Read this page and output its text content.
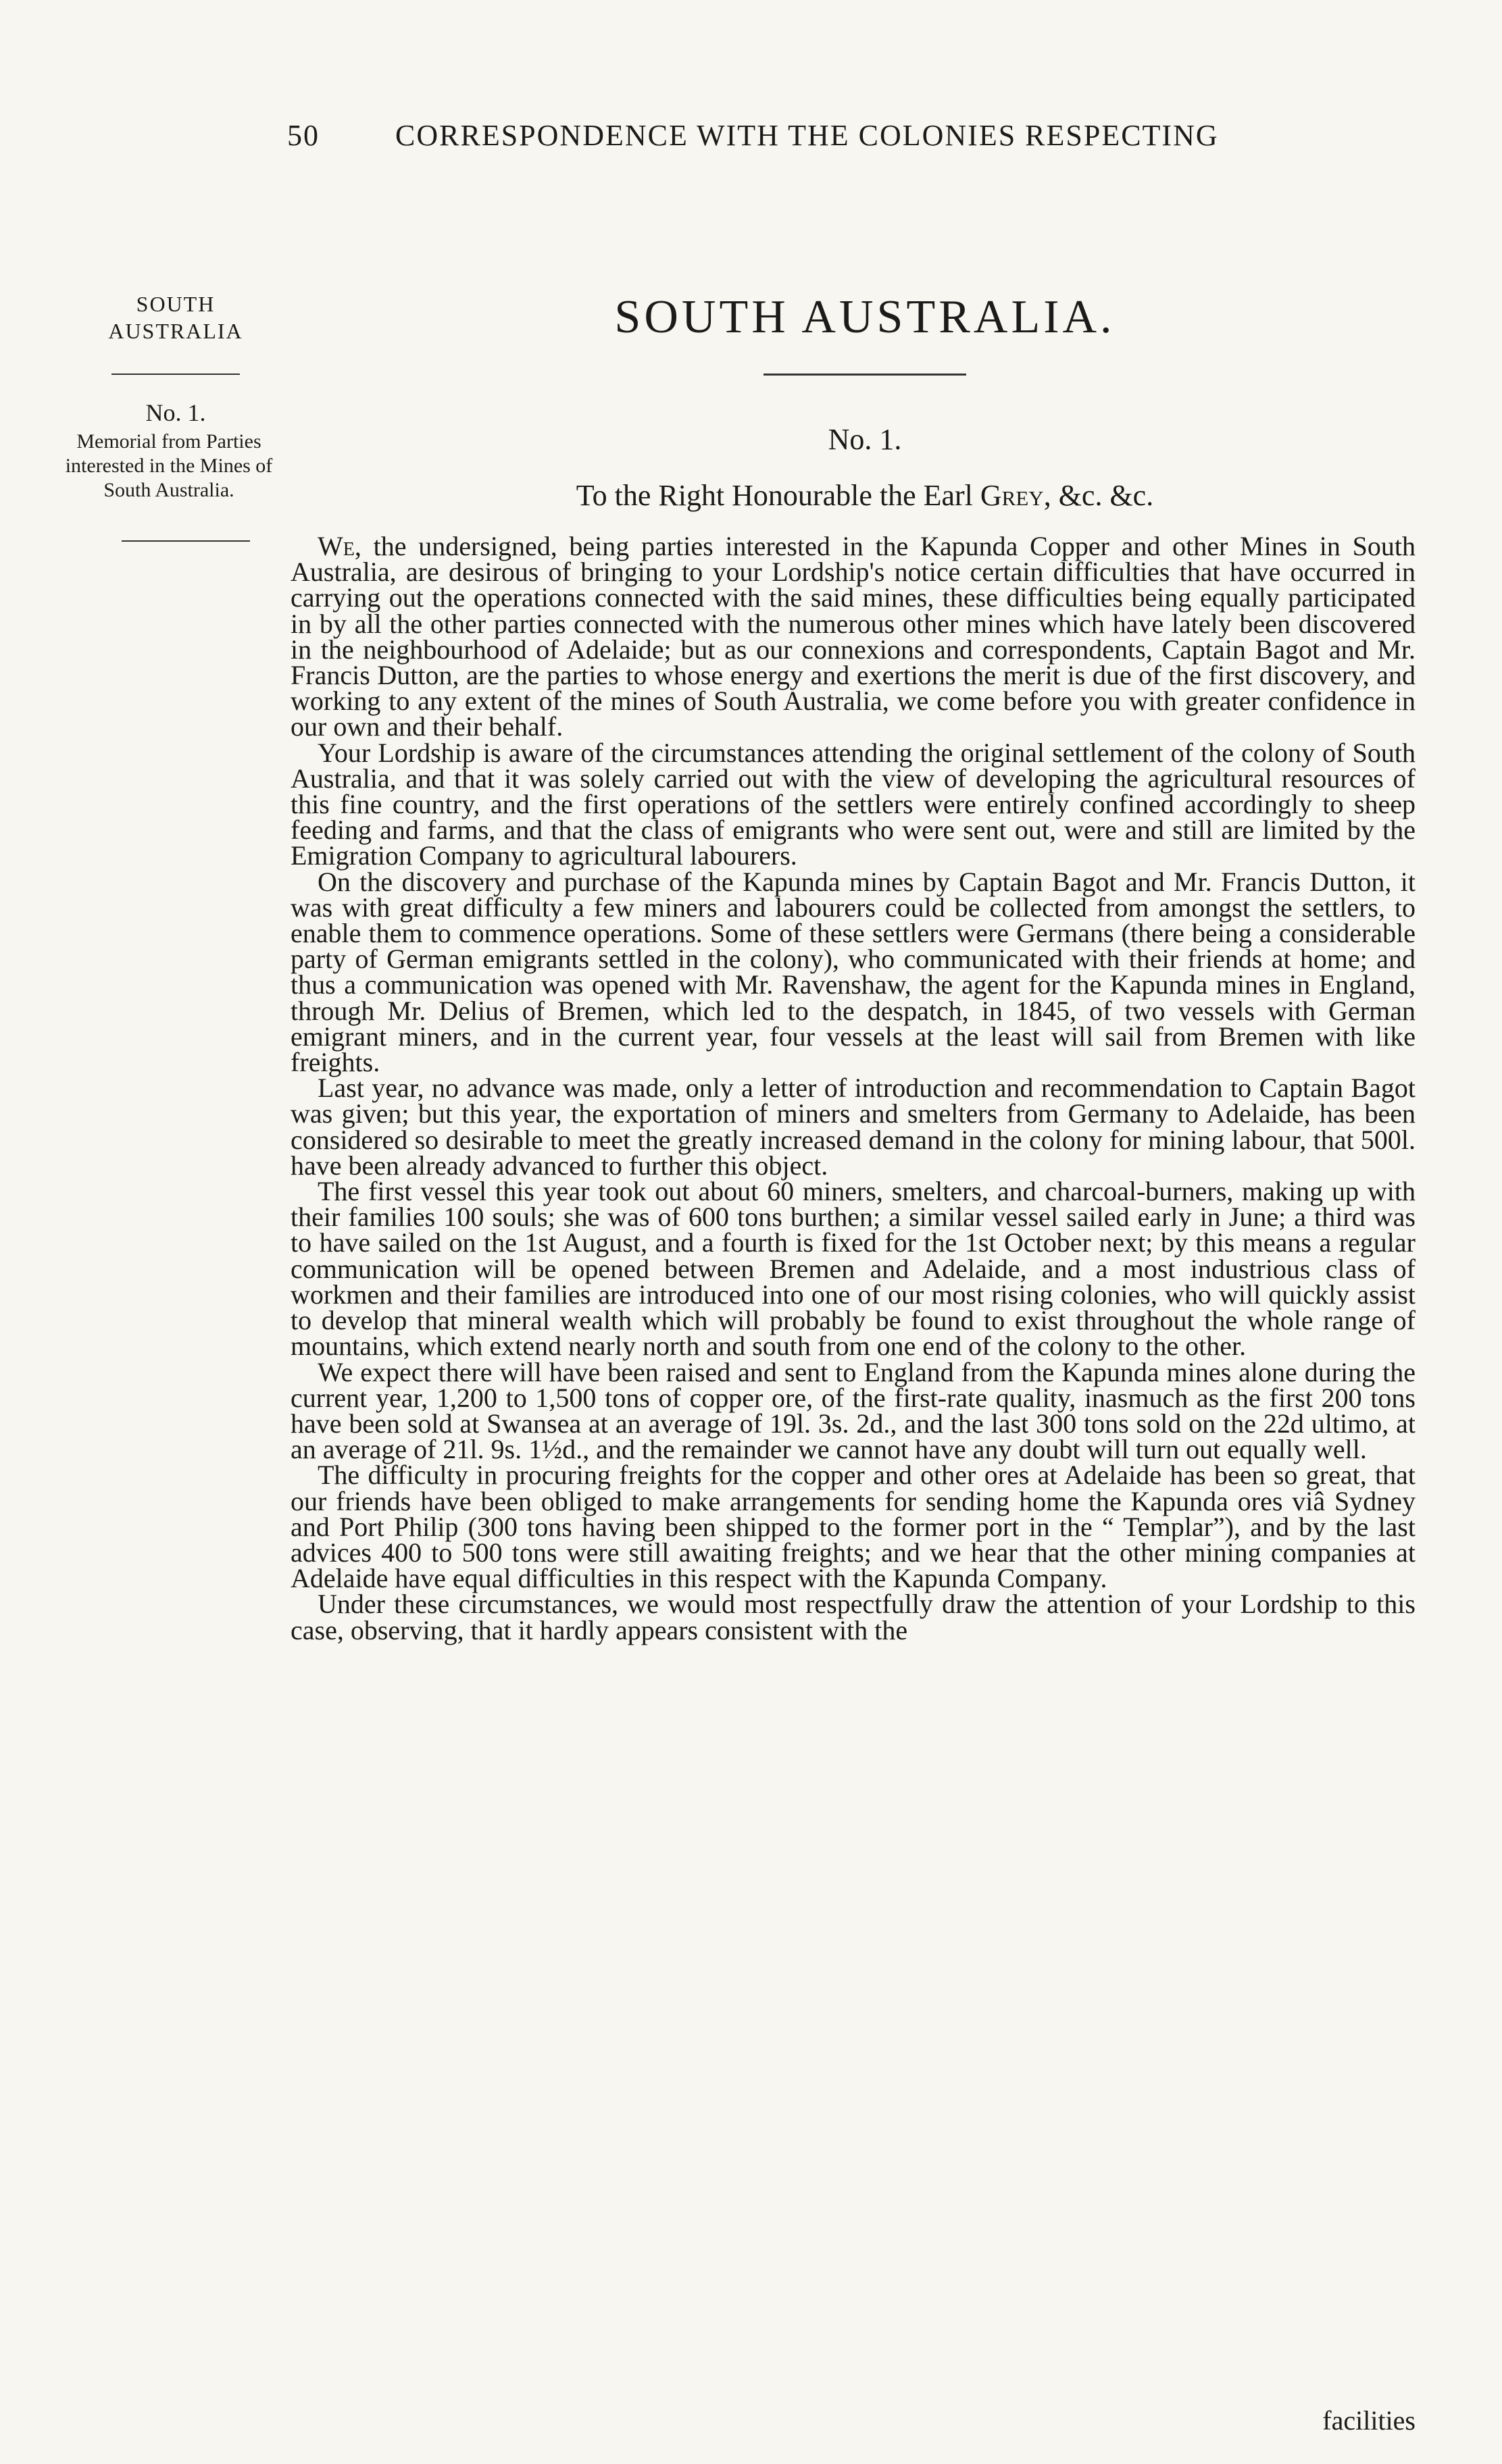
50	CORRESPONDENCE WITH THE COLONIES RESPECTING
SOUTH
AUSTRALIA
No. 1.
Memorial from Parties interested in the Mines of South Australia.
SOUTH AUSTRALIA.
No. 1.
To the Right Honourable the Earl Grey, &c. &c.

We, the undersigned, being parties interested in the Kapunda Copper and other Mines in South Australia, are desirous of bringing to your Lordship's notice certain difficulties that have occurred in carrying out the operations connected with the said mines, these difficulties being equally participated in by all the other parties connected with the numerous other mines which have lately been discovered in the neighbourhood of Adelaide; but as our connexions and correspondents, Captain Bagot and Mr. Francis Dutton, are the parties to whose energy and exertions the merit is due of the first discovery, and working to any extent of the mines of South Australia, we come before you with greater confidence in our own and their behalf.

Your Lordship is aware of the circumstances attending the original settlement of the colony of South Australia, and that it was solely carried out with the view of developing the agricultural resources of this fine country, and the first operations of the settlers were entirely confined accordingly to sheep feeding and farms, and that the class of emigrants who were sent out, were and still are limited by the Emigration Company to agricultural labourers.

On the discovery and purchase of the Kapunda mines by Captain Bagot and Mr. Francis Dutton, it was with great difficulty a few miners and labourers could be collected from amongst the settlers, to enable them to commence operations. Some of these settlers were Germans (there being a considerable party of German emigrants settled in the colony), who communicated with their friends at home; and thus a communication was opened with Mr. Ravenshaw, the agent for the Kapunda mines in England, through Mr. Delius of Bremen, which led to the despatch, in 1845, of two vessels with German emigrant miners, and in the current year, four vessels at the least will sail from Bremen with like freights.

Last year, no advance was made, only a letter of introduction and recommendation to Captain Bagot was given; but this year, the exportation of miners and smelters from Germany to Adelaide, has been considered so desirable to meet the greatly increased demand in the colony for mining labour, that 500l. have been already advanced to further this object.

The first vessel this year took out about 60 miners, smelters, and charcoal-burners, making up with their families 100 souls; she was of 600 tons burthen; a similar vessel sailed early in June; a third was to have sailed on the 1st August, and a fourth is fixed for the 1st October next; by this means a regular communication will be opened between Bremen and Adelaide, and a most industrious class of workmen and their families are introduced into one of our most rising colonies, who will quickly assist to develop that mineral wealth which will probably be found to exist throughout the whole range of mountains, which extend nearly north and south from one end of the colony to the other.

We expect there will have been raised and sent to England from the Kapunda mines alone during the current year, 1,200 to 1,500 tons of copper ore, of the first-rate quality, inasmuch as the first 200 tons have been sold at Swansea at an average of 19l. 3s. 2d., and the last 300 tons sold on the 22d ultimo, at an average of 21l. 9s. 1½d., and the remainder we cannot have any doubt will turn out equally well.

The difficulty in procuring freights for the copper and other ores at Adelaide has been so great, that our friends have been obliged to make arrangements for sending home the Kapunda ores viâ Sydney and Port Philip (300 tons having been shipped to the former port in the “ Templar”), and by the last advices 400 to 500 tons were still awaiting freights; and we hear that the other mining companies at Adelaide have equal difficulties in this respect with the Kapunda Company.

Under these circumstances, we would most respectfully draw the attention of your Lordship to this case, observing, that it hardly appears consistent with the

facilities
